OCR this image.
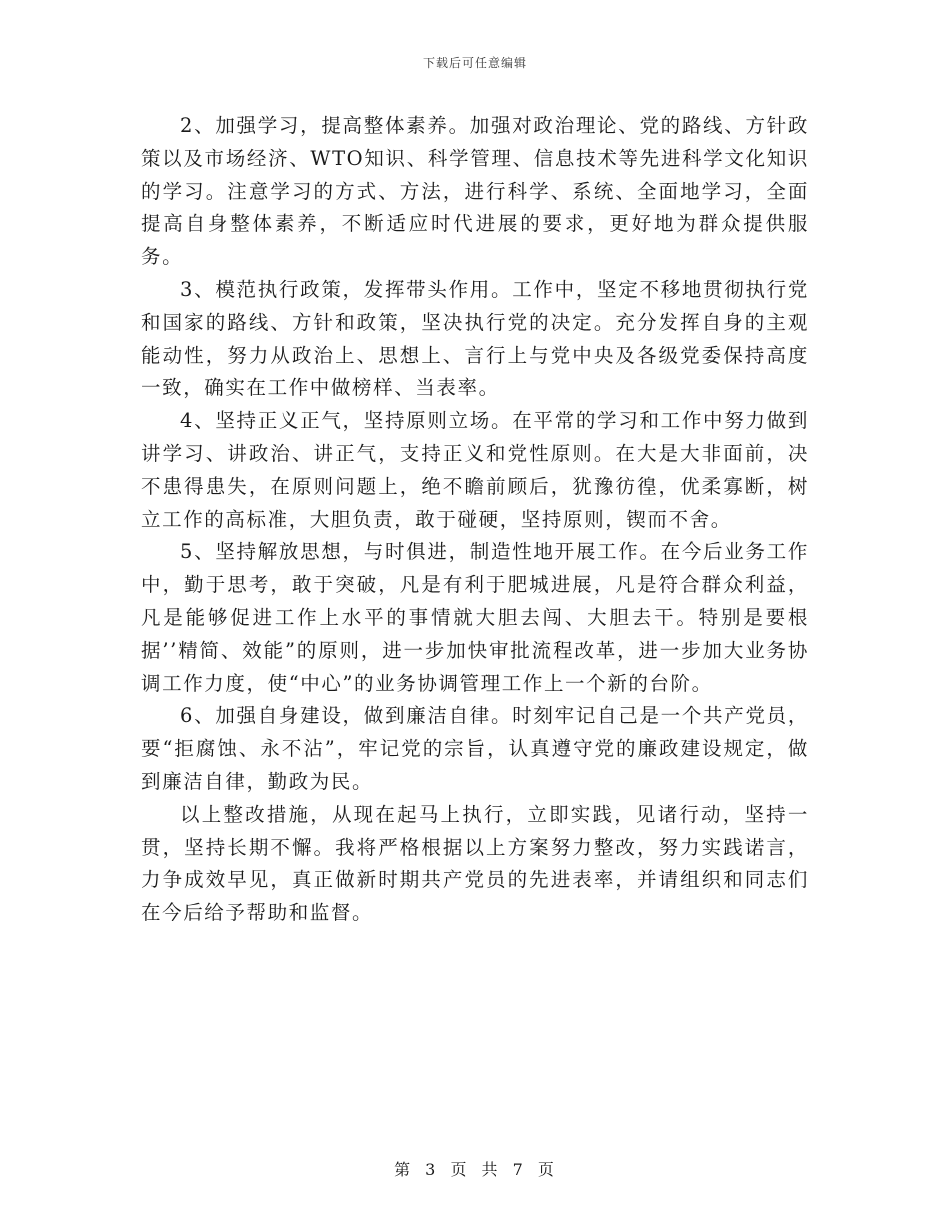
下载后可任意编辑

2、加强学习，提高整体素养。加强对政治理论、党的路线、方针政策以及市场经济、WTO知识、科学管理、信息技术等先进科学文化知识的学习。注意学习的方式、方法，进行科学、系统、全面地学习，全面提高自身整体素养，不断适应时代进展的要求，更好地为群众提供服务。

3、模范执行政策，发挥带头作用。工作中，坚定不移地贯彻执行党和国家的路线、方针和政策，坚决执行党的决定。充分发挥自身的主观能动性，努力从政治上、思想上、言行上与党中央及各级党委保持高度一致，确实在工作中做榜样、当表率。

4、坚持正义正气，坚持原则立场。在平常的学习和工作中努力做到讲学习、讲政治、讲正气，支持正义和党性原则。在大是大非面前，决不患得患失，在原则问题上，绝不瞻前顾后，犹豫彷徨，优柔寡断，树立工作的高标准，大胆负责，敢于碰硬，坚持原则，锲而不舍。

5、坚持解放思想，与时俱进，制造性地开展工作。在今后业务工作中，勤于思考，敢于突破，凡是有利于肥城进展，凡是符合群众利益，凡是能够促进工作上水平的事情就大胆去闯、大胆去干。特别是要根据’’精简、效能”的原则，进一步加快审批流程改革，进一步加大业务协调工作力度，使“中心”的业务协调管理工作上一个新的台阶。

6、加强自身建设，做到廉洁自律。时刻牢记自己是一个共产党员，要“拒腐蚀、永不沾”，牢记党的宗旨，认真遵守党的廉政建设规定，做到廉洁自律，勤政为民。

以上整改措施，从现在起马上执行，立即实践，见诸行动，坚持一贯，坚持长期不懈。我将严格根据以上方案努力整改，努力实践诺言，力争成效早见，真正做新时期共产党员的先进表率，并请组织和同志们在今后给予帮助和监督。

第 3 页 共 7 页
